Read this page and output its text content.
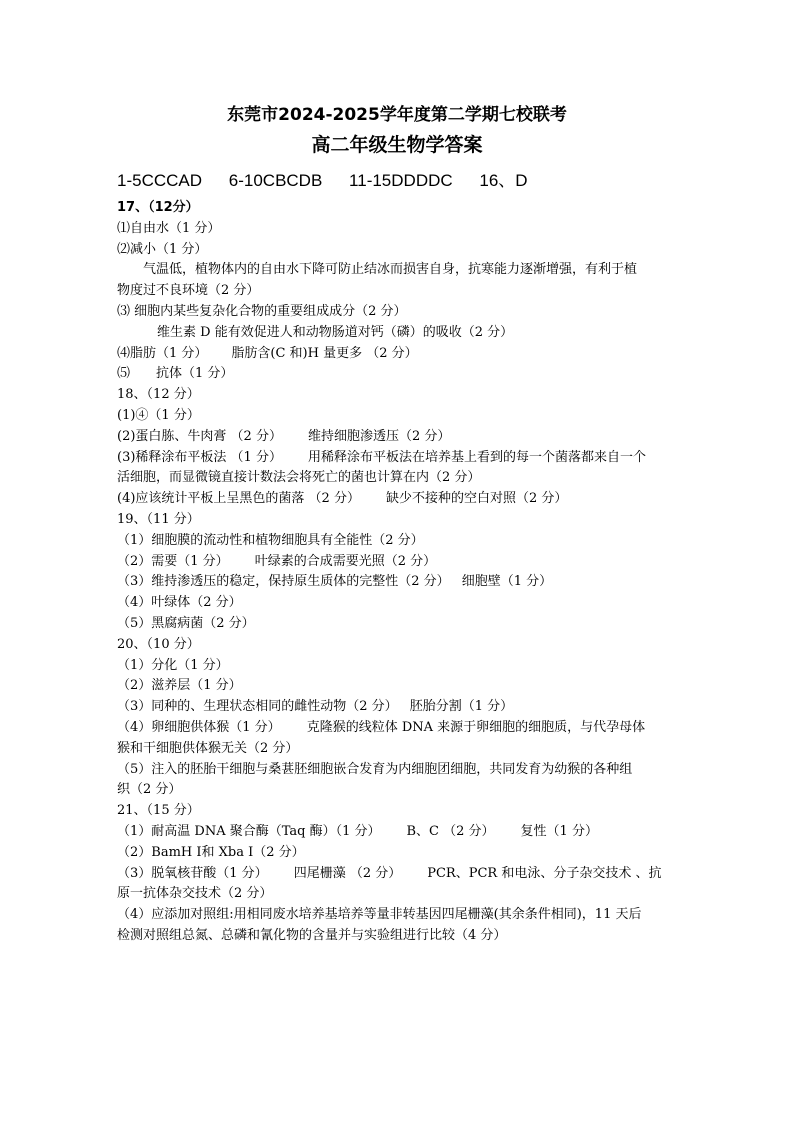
东莞市2024-2025学年度第二学期七校联考
高二年级生物学答案
1-5CCCAD 6-10CBCDB 11-15DDDDC 16、D
17、（12分）
⑴自由水（1 分）
⑵减小（1 分）
气温低，植物体内的自由水下降可防止结冰而损害自身，抗寒能力逐渐增强，有利于植
物度过不良环境（2 分）
⑶ 细胞内某些复杂化合物的重要组成成分（2 分）
维生素 D 能有效促进人和动物肠道对钙（磷）的吸收（2 分）
⑷脂肪（1 分） 脂肪含(C 和)H 量更多 （2 分）
⑸　　抗体（1 分）
18、（12 分）
(1)④（1 分）
(2)蛋白胨、牛肉膏 （2 分） 维持细胞渗透压（2 分）
(3)稀释涂布平板法 （1 分） 用稀释涂布平板法在培养基上看到的每一个菌落都来自一个
活细胞，而显微镜直接计数法会将死亡的菌也计算在内（2 分）
(4)应该统计平板上呈黑色的菌落 （2 分） 缺少不接种的空白对照（2 分）
19、（11 分）
（1）细胞膜的流动性和植物细胞具有全能性（2 分）
（2）需要（1 分） 叶绿素的合成需要光照（2 分）
（3）维持渗透压的稳定，保持原生质体的完整性（2 分） 细胞壁（1 分）
（4）叶绿体（2 分）
（5）黑腐病菌（2 分）
20、（10 分）
（1）分化（1 分）
（2）滋养层（1 分）
（3）同种的、生理状态相同的雌性动物（2 分） 胚胎分割（1 分）
（4）卵细胞供体猴（1 分） 克隆猴的线粒体 DNA 来源于卵细胞的细胞质，与代孕母体
猴和干细胞供体猴无关（2 分）
（5）注入的胚胎干细胞与桑葚胚细胞嵌合发育为内细胞团细胞，共同发育为幼猴的各种组
织（2 分）
21、（15 分）
（1）耐高温 DNA 聚合酶（Taq 酶）（1 分） B、C （2 分） 复性（1 分）
（2）BamH Ⅰ和 Xba Ⅰ（2 分）
（3）脱氧核苷酸（1 分） 四尾栅藻 （2 分） PCR、PCR 和电泳、分子杂交技术 、抗
原一抗体杂交技术（2 分）
（4）应添加对照组:用相同废水培养基培养等量非转基因四尾栅藻(其余条件相同)，11 天后
检测对照组总氮、总磷和氰化物的含量并与实验组进行比较（4 分）
